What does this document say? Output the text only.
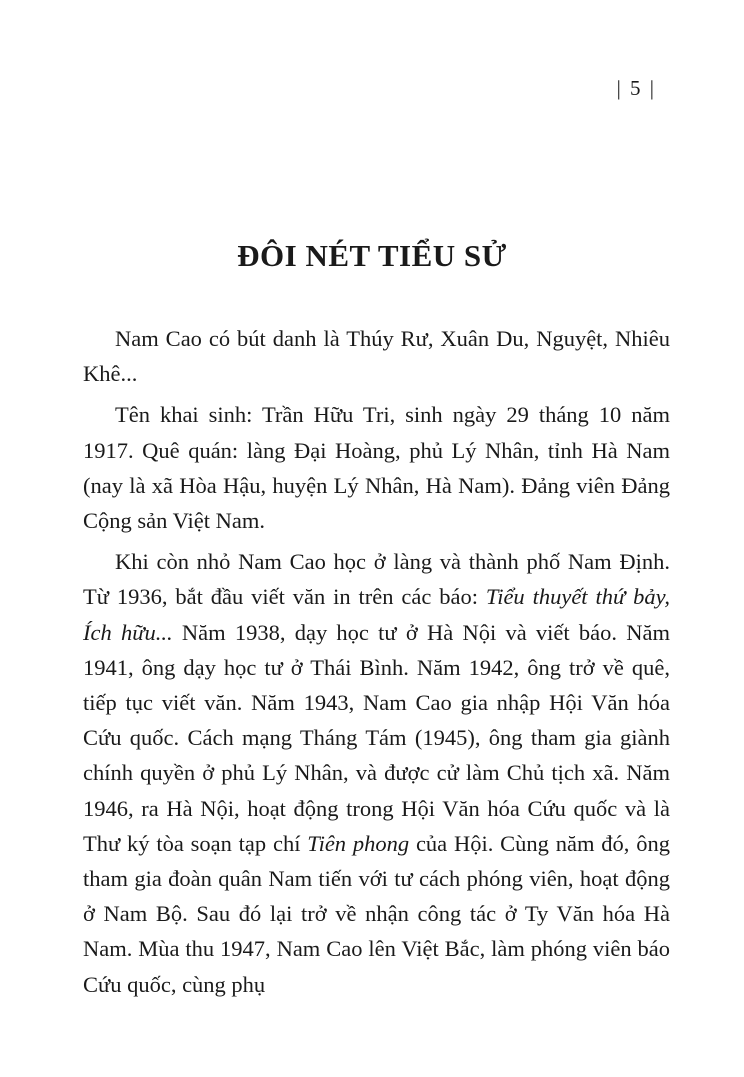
| 5 |
ĐÔI NÉT TIỂU SỬ

Nam Cao có bút danh là Thúy Rư, Xuân Du, Nguyệt, Nhiêu Khê...

Tên khai sinh: Trần Hữu Tri, sinh ngày 29 tháng 10 năm 1917. Quê quán: làng Đại Hoàng, phủ Lý Nhân, tỉnh Hà Nam (nay là xã Hòa Hậu, huyện Lý Nhân, Hà Nam). Đảng viên Đảng Cộng sản Việt Nam.

Khi còn nhỏ Nam Cao học ở làng và thành phố Nam Định. Từ 1936, bắt đầu viết văn in trên các báo: Tiểu thuyết thứ bảy, Ích hữu... Năm 1938, dạy học tư ở Hà Nội và viết báo. Năm 1941, ông dạy học tư ở Thái Bình. Năm 1942, ông trở về quê, tiếp tục viết văn. Năm 1943, Nam Cao gia nhập Hội Văn hóa Cứu quốc. Cách mạng Tháng Tám (1945), ông tham gia giành chính quyền ở phủ Lý Nhân, và được cử làm Chủ tịch xã. Năm 1946, ra Hà Nội, hoạt động trong Hội Văn hóa Cứu quốc và là Thư ký tòa soạn tạp chí Tiên phong của Hội. Cùng năm đó, ông tham gia đoàn quân Nam tiến với tư cách phóng viên, hoạt động ở Nam Bộ. Sau đó lại trở về nhận công tác ở Ty Văn hóa Hà Nam. Mùa thu 1947, Nam Cao lên Việt Bắc, làm phóng viên báo Cứu quốc, cùng phụ
